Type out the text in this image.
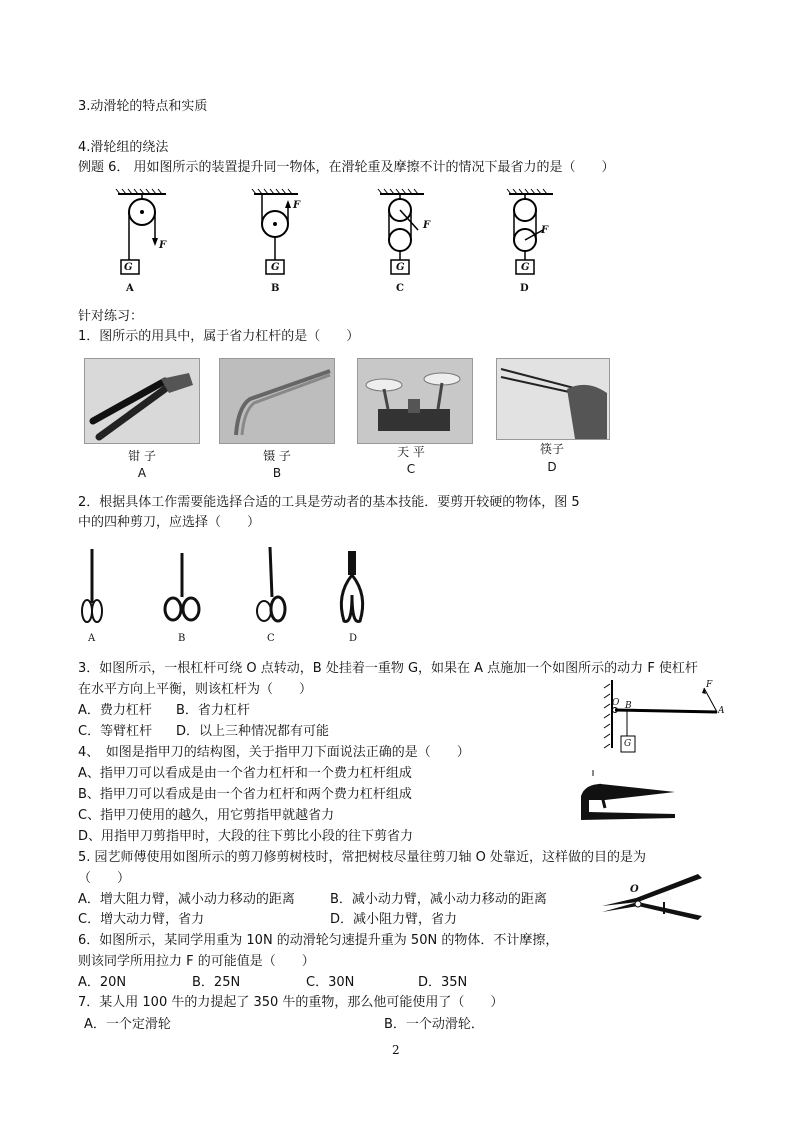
3.动滑轮的特点和实质
4.滑轮组的绕法
例题 6． 用如图所示的装置提升同一物体，在滑轮重及摩擦不计的情况下最省力的是（　　）
G
F
A
G
F
B
G
F
C
G
F
D
针对练习：
1．图所示的用具中，属于省力杠杆的是（　　）
钳 子
A
镊 子
B
天 平
C
筷子
D
2．根据具体工作需要能选择合适的工具是劳动者的基本技能．要剪开较硬的物体，图 5
中的四种剪刀，应选择（　　）
A	B	C	D
3．如图所示，一根杠杆可绕 O 点转动，B 处挂着一重物 G，如果在 A 点施加一个如图所示的动力 F 使杠杆
在水平方向上平衡，则该杠杆为（　　）
A．费力杠杆 B．省力杠杆
C．等臂杠杆 D．以上三种情况都有可能
O B	A
F
G
4、　如图是指甲刀的结构图，关于指甲刀下面说法正确的是（　　）
A、指甲刀可以看成是由一个省力杠杆和一个费力杠杆组成
B、指甲刀可以看成是由一个省力杠杆和两个费力杠杆组成
C、指甲刀使用的越久，用它剪指甲就越省力
D、用指甲刀剪指甲时，大段的往下剪比小段的往下剪省力
5. 园艺师傅使用如图所示的剪刀修剪树枝时，常把树枝尽量往剪刀轴 O 处靠近，这样做的目的是为
（　　）
A．增大阻力臂，减小动力移动的距离	B．减小动力臂，减小动力移动的距离
C．增大动力臂，省力	D．减小阻力臂，省力
O
6．如图所示，某同学用重为 10N 的动滑轮匀速提升重为 50N 的物体．不计摩擦，
则该同学所用拉力 F 的可能值是（　　）
A．20N	B．25N	C．30N	D．35N
7．某人用 100 牛的力提起了 350 牛的重物，那么他可能使用了（　　）
A．一个定滑轮	B．一个动滑轮．
2
